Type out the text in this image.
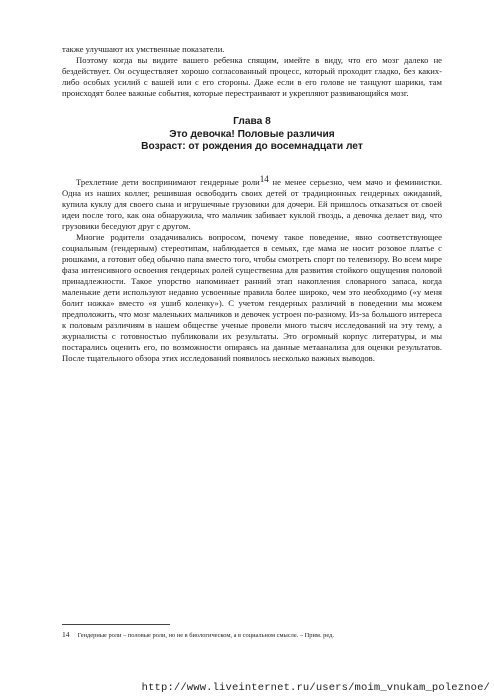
также улучшают их умственные показатели.

Поэтому когда вы видите вашего ребенка спящим, имейте в виду, что его мозг далеко не бездействует. Он осуществляет хорошо согласованный процесс, который проходит гладко, без каких-либо особых усилий с вашей или с его стороны. Даже если в его голове не танцуют шарики, там происходят более важные события, которые перестраивают и укрепляют развивающийся мозг.

Глава 8
Это девочка! Половые различия
Возраст: от рождения до восемнадцати лет

Трехлетние дети воспринимают гендерные роли$^{14}$ не менее серьезно, чем мачо и феминистки. Одна из наших коллег, решившая освободить своих детей от традиционных гендерных ожиданий, купила куклу для своего сына и игрушечные грузовики для дочери. Ей пришлось отказаться от своей идеи после того, как она обнаружила, что мальчик забивает куклой гвоздь, а девочка делает вид, что грузовики беседуют друг с другом.

Многие родители озадачивались вопросом, почему такое поведение, явно соответствующее социальным (гендерным) стереотипам, наблюдается в семьях, где мама не носит розовое платье с рюшками, а готовит обед обычно папа вместо того, чтобы смотреть спорт по телевизору. Во всем мире фаза интенсивного освоения гендерных ролей существенна для развития стойкого ощущения половой принадлежности. Такое упорство напоминает ранний этап накопления словарного запаса, когда маленькие дети используют недавно усвоенные правила более широко, чем это необходимо («у меня болит ножка» вместо «я ушиб коленку»). С учетом гендерных различий в поведении мы можем предположить, что мозг маленьких мальчиков и девочек устроен по-разному. Из-за большого интереса к половым различиям в нашем обществе ученые провели много тысяч исследований на эту тему, а журналисты с готовностью публиковали их результаты. Это огромный корпус литературы, и мы постарались оценить его, по возможности опираясь на данные метаанализа для оценки результатов. После тщательного обзора этих исследований появилось несколько важных выводов.

14 Гендерные роли – половые роли, но не в биологическом, а в социальном смысле. – Прим. ред.
http://www.liveinternet.ru/users/moim_vnukam_poleznoe/
